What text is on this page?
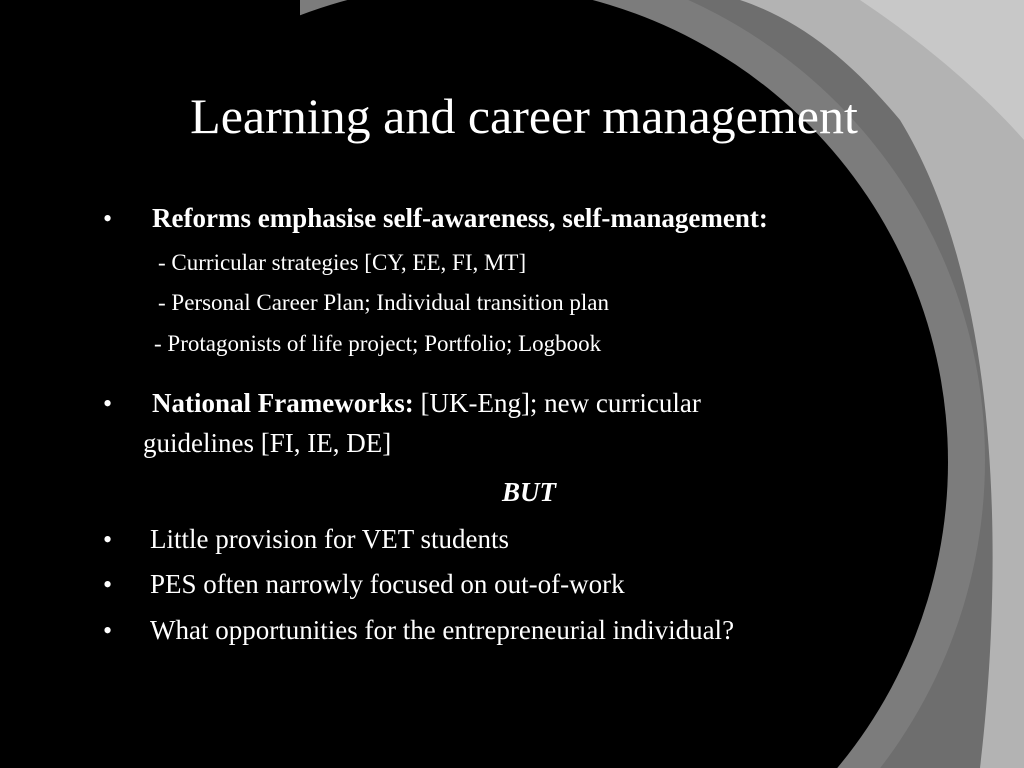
Learning and career management
• Reforms emphasise self-awareness, self-management:
- Curricular strategies [CY, EE, FI, MT]
- Personal Career Plan; Individual transition plan
- Protagonists of life project; Portfolio; Logbook
• National Frameworks: [UK-Eng]; new curricular
guidelines [FI, IE, DE]
BUT
• Little provision for VET students
• PES often narrowly focused on out-of-work
• What opportunities for the entrepreneurial individual?
